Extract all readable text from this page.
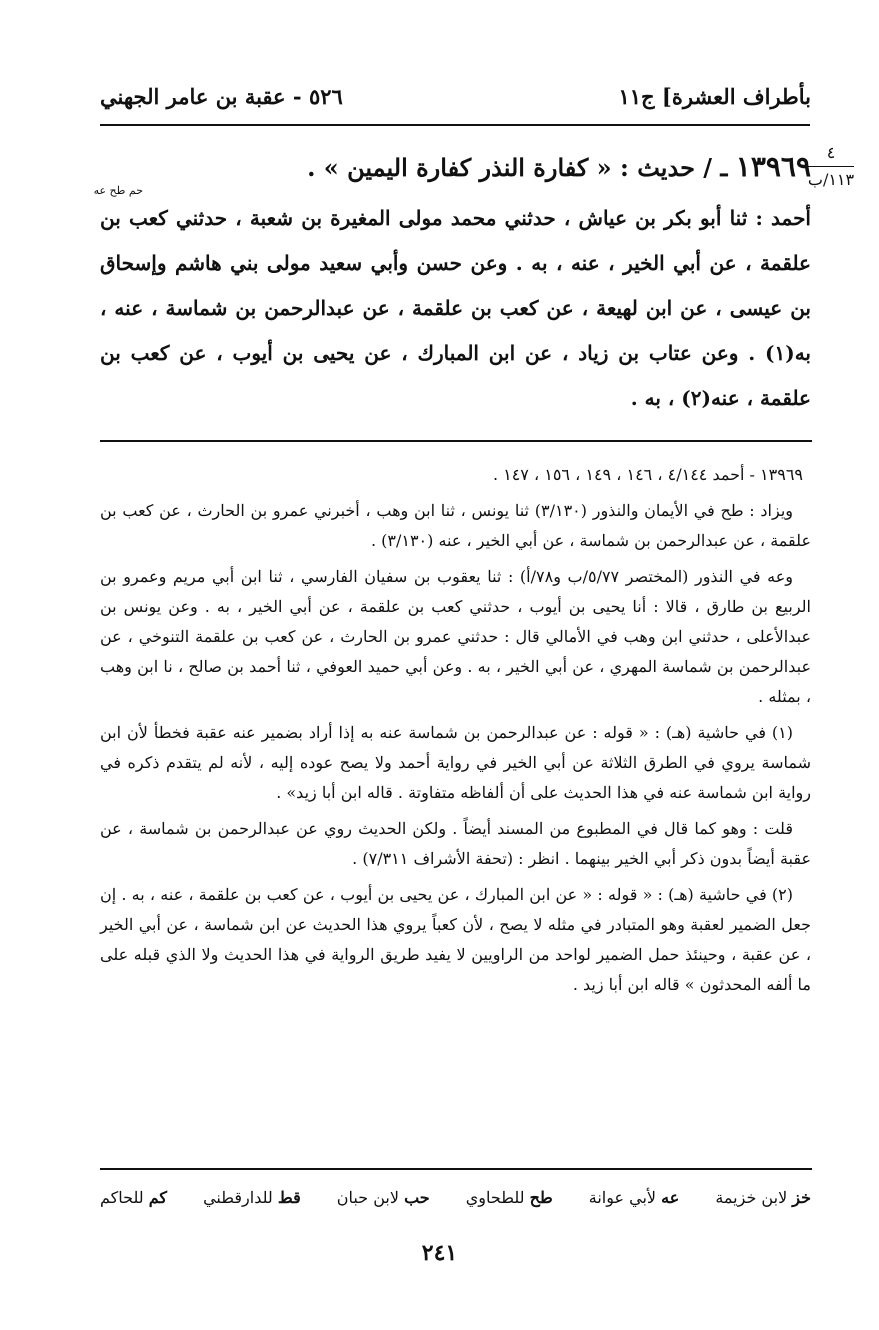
بأطراف العشرة] ج١١
٥٢٦ - عقبة بن عامر الجهني
٤
١١٣/ب
١٣٩٦٩ ـ / حديث : « كفارة النذر كفارة اليمين » .
حم طح عه
أحمد : ثنا أبو بكر بن عياش ، حدثني محمد مولى المغيرة بن شعبة ، حدثني كعب بن علقمة ، عن أبي الخير ، عنه ، به . وعن حسن وأبي سعيد مولى بني هاشم وإسحاق بن عيسى ، عن ابن لهيعة ، عن كعب بن علقمة ، عن عبدالرحمن بن شماسة ، عنه ، به(١) . وعن عتاب بن زياد ، عن ابن المبارك ، عن يحيى بن أيوب ، عن كعب بن علقمة ، عنه(٢) ، به .

١٣٩٦٩ - أحمد ٤/١٤٤ ، ١٤٦ ، ١٤٩ ، ١٥٦ ، ١٤٧ .

ويزاد : طح في الأيمان والنذور (٣/١٣٠) ثنا يونس ، ثنا ابن وهب ، أخبرني عمرو بن الحارث ، عن كعب بن علقمة ، عن عبدالرحمن بن شماسة ، عن أبي الخير ، عنه (٣/١٣٠) .

وعه في النذور (المختصر ٥/٧٧/ب و٧٨/أ) : ثنا يعقوب بن سفيان الفارسي ، ثنا ابن أبي مريم وعمرو بن الربيع بن طارق ، قالا : أنا يحيى بن أيوب ، حدثني كعب بن علقمة ، عن أبي الخير ، به . وعن يونس بن عبدالأعلى ، حدثني ابن وهب في الأمالي قال : حدثني عمرو بن الحارث ، عن كعب بن علقمة التنوخي ، عن عبدالرحمن بن شماسة المهري ، عن أبي الخير ، به . وعن أبي حميد العوفي ، ثنا أحمد بن صالح ، نا ابن وهب ، بمثله .

(١) في حاشية (هـ) : « قوله : عن عبدالرحمن بن شماسة عنه به إذا أراد بضمير عنه عقبة فخطأ لأن ابن شماسة يروي في الطرق الثلاثة عن أبي الخير في رواية أحمد ولا يصح عوده إليه ، لأنه لم يتقدم ذكره في رواية ابن شماسة عنه في هذا الحديث على أن ألفاظه متفاوتة . قاله ابن أبا زيد» .

قلت : وهو كما قال في المطبوع من المسند أيضاً . ولكن الحديث روي عن عبدالرحمن بن شماسة ، عن عقبة أيضاً بدون ذكر أبي الخير بينهما . انظر : (تحفة الأشراف ٧/٣١١) .

(٢) في حاشية (هـ) : « قوله : « عن ابن المبارك ، عن يحيى بن أيوب ، عن كعب بن علقمة ، عنه ، به . إن جعل الضمير لعقبة وهو المتبادر في مثله لا يصح ، لأن كعباً يروي هذا الحديث عن ابن شماسة ، عن أبي الخير ، عن عقبة ، وحينئذ حمل الضمير لواحد من الراويين لا يفيد طريق الرواية في هذا الحديث ولا الذي قبله على ما ألفه المحدثون » قاله ابن أبا زيد .

خز لابن خزيمة
عه لأبي عوانة
طح للطحاوي
حب لابن حبان
قط للدارقطني
كم للحاكم
٢٤١
